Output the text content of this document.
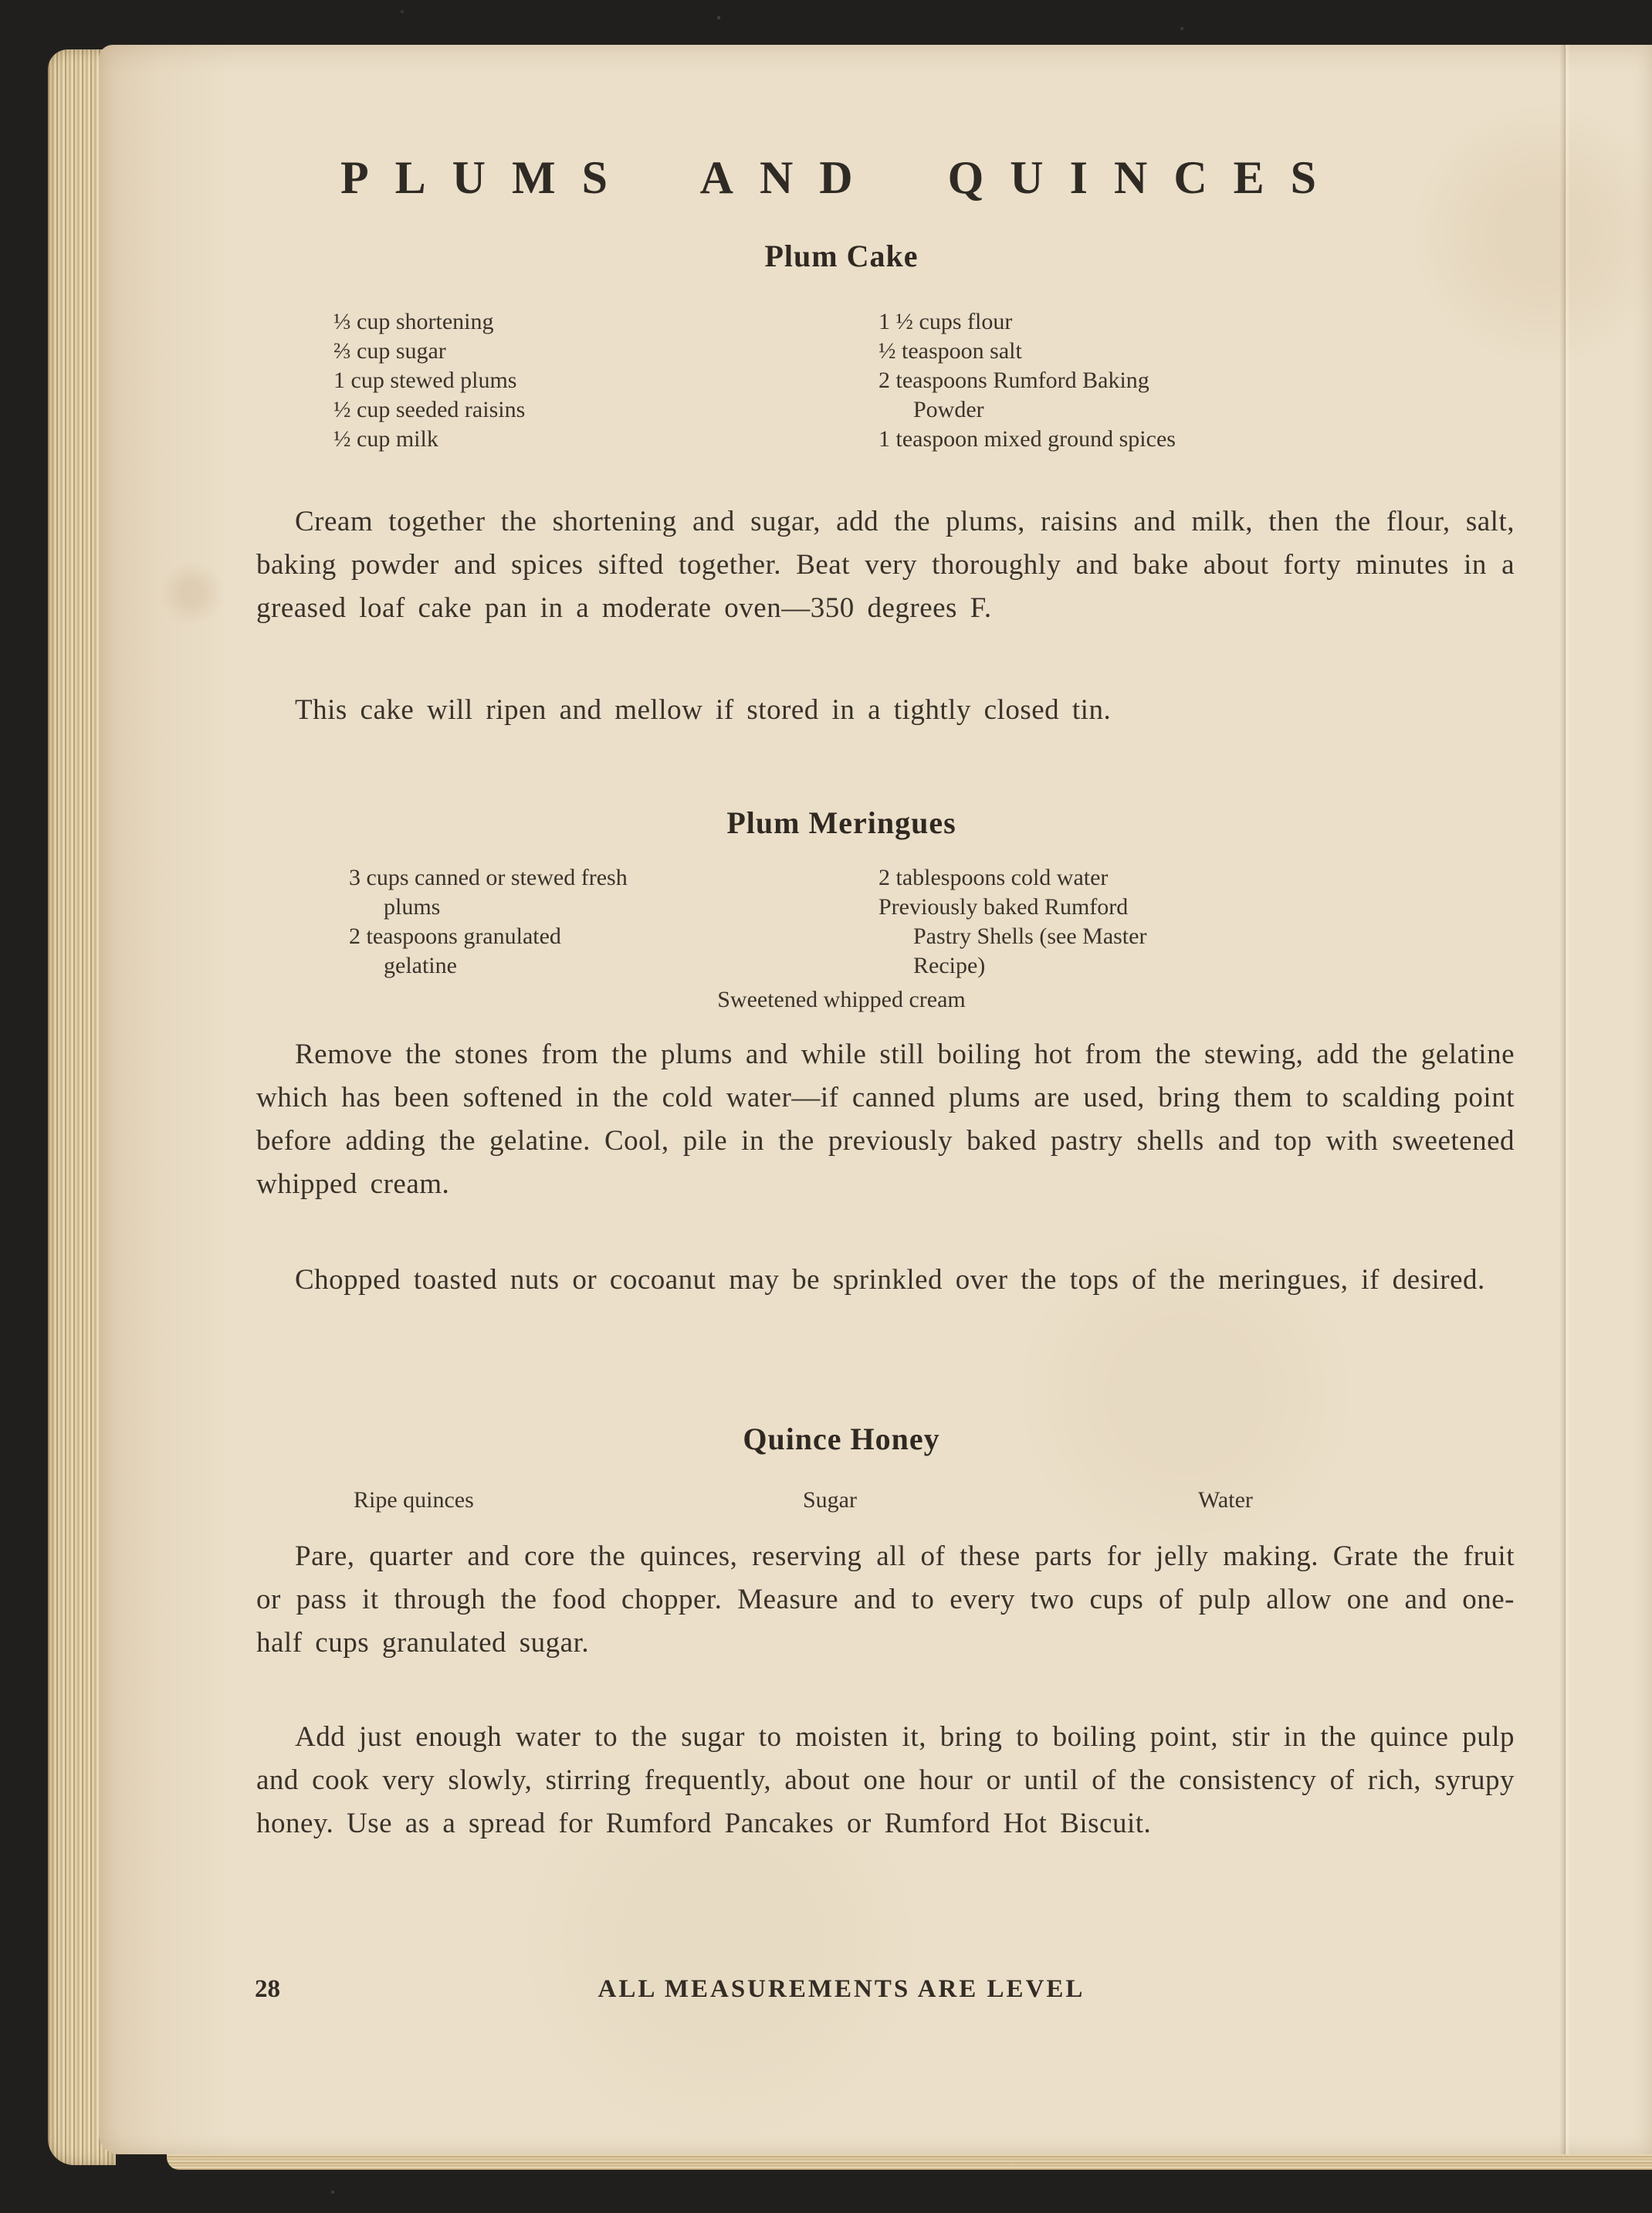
PLUMS AND QUINCES
Plum Cake
⅓ cup shortening
⅔ cup sugar
1 cup stewed plums
½ cup seeded raisins
½ cup milk
1 ½ cups flour
½ teaspoon salt
2 teaspoons Rumford Baking
Powder
1 teaspoon mixed ground spices
Cream together the shortening and sugar, add the plums, raisins and milk, then the flour, salt, baking powder and spices sifted together. Beat very thoroughly and bake about forty minutes in a greased loaf cake pan in a moderate oven—350 degrees F.
This cake will ripen and mellow if stored in a tightly closed tin.
Plum Meringues
3 cups canned or stewed fresh
plums
2 teaspoons granulated
gelatine
2 tablespoons cold water
Previously baked Rumford
Pastry Shells (see Master
Recipe)
Sweetened whipped cream
Remove the stones from the plums and while still boiling hot from the stewing, add the gelatine which has been softened in the cold water—if canned plums are used, bring them to scalding point before adding the gelatine. Cool, pile in the previously baked pastry shells and top with sweetened whipped cream.
Chopped toasted nuts or cocoanut may be sprinkled over the tops of the meringues, if desired.
Quince Honey
Ripe quinces	Sugar	Water
Pare, quarter and core the quinces, reserving all of these parts for jelly making. Grate the fruit or pass it through the food chopper. Measure and to every two cups of pulp allow one and one-half cups granulated sugar.
Add just enough water to the sugar to moisten it, bring to boiling point, stir in the quince pulp and cook very slowly, stirring frequently, about one hour or until of the consistency of rich, syrupy honey. Use as a spread for Rumford Pancakes or Rumford Hot Biscuit.
28	ALL MEASUREMENTS ARE LEVEL
